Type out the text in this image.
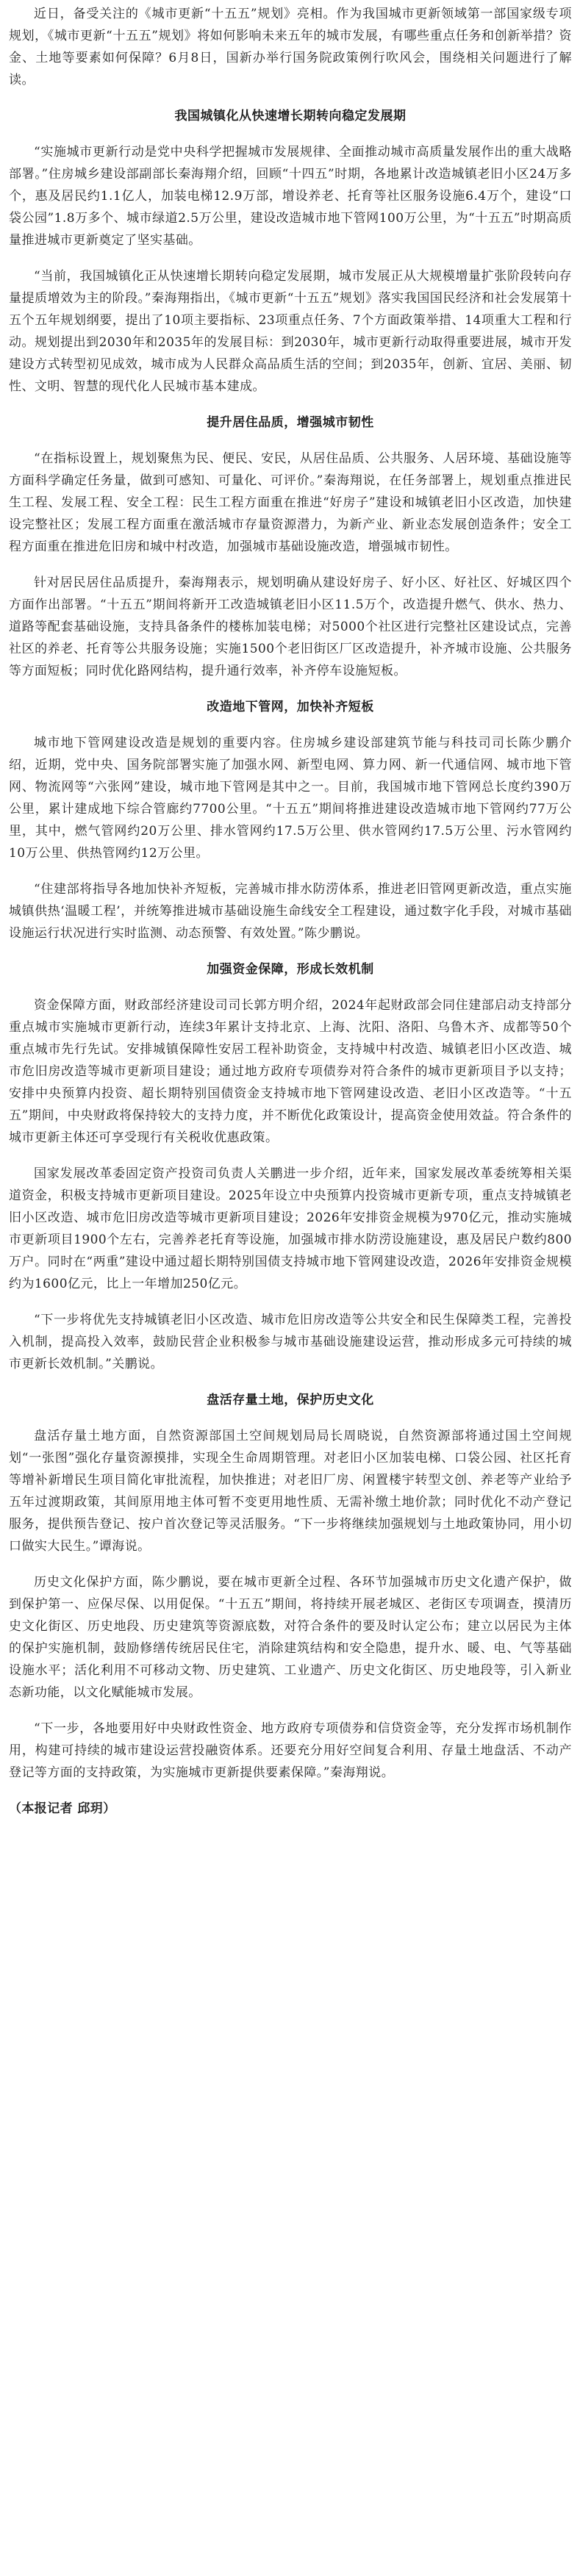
近日，备受关注的《城市更新“十五五”规划》亮相。作为我国城市更新领域第一部国家级专项规划，《城市更新“十五五”规划》将如何影响未来五年的城市发展，有哪些重点任务和创新举措？资金、土地等要素如何保障？6月8日，国新办举行国务院政策例行吹风会，围绕相关问题进行了解读。

我国城镇化从快速增长期转向稳定发展期

“实施城市更新行动是党中央科学把握城市发展规律、全面推动城市高质量发展作出的重大战略部署。”住房城乡建设部副部长秦海翔介绍，回顾“十四五”时期，各地累计改造城镇老旧小区24万多个，惠及居民约1.1亿人，加装电梯12.9万部，增设养老、托育等社区服务设施6.4万个，建设“口袋公园”1.8万多个、城市绿道2.5万公里，建设改造城市地下管网100万公里，为“十五五”时期高质量推进城市更新奠定了坚实基础。

“当前，我国城镇化正从快速增长期转向稳定发展期，城市发展正从大规模增量扩张阶段转向存量提质增效为主的阶段。”秦海翔指出，《城市更新“十五五”规划》落实我国国民经济和社会发展第十五个五年规划纲要，提出了10项主要指标、23项重点任务、7个方面政策举措、14项重大工程和行动。规划提出到2030年和2035年的发展目标：到2030年，城市更新行动取得重要进展，城市开发建设方式转型初见成效，城市成为人民群众高品质生活的空间；到2035年，创新、宜居、美丽、韧性、文明、智慧的现代化人民城市基本建成。

提升居住品质，增强城市韧性

“在指标设置上，规划聚焦为民、便民、安民，从居住品质、公共服务、人居环境、基础设施等方面科学确定任务量，做到可感知、可量化、可评价。”秦海翔说，在任务部署上，规划重点推进民生工程、发展工程、安全工程：民生工程方面重在推进“好房子”建设和城镇老旧小区改造，加快建设完整社区；发展工程方面重在激活城市存量资源潜力，为新产业、新业态发展创造条件；安全工程方面重在推进危旧房和城中村改造，加强城市基础设施改造，增强城市韧性。

针对居民居住品质提升，秦海翔表示，规划明确从建设好房子、好小区、好社区、好城区四个方面作出部署。“十五五”期间将新开工改造城镇老旧小区11.5万个，改造提升燃气、供水、热力、道路等配套基础设施，支持具备条件的楼栋加装电梯；对5000个社区进行完整社区建设试点，完善社区的养老、托育等公共服务设施；实施1500个老旧街区厂区改造提升，补齐城市设施、公共服务等方面短板；同时优化路网结构，提升通行效率，补齐停车设施短板。

改造地下管网，加快补齐短板

城市地下管网建设改造是规划的重要内容。住房城乡建设部建筑节能与科技司司长陈少鹏介绍，近期，党中央、国务院部署实施了加强水网、新型电网、算力网、新一代通信网、城市地下管网、物流网等“六张网”建设，城市地下管网是其中之一。目前，我国城市地下管网总长度约390万公里，累计建成地下综合管廊约7700公里。“十五五”期间将推进建设改造城市地下管网约77万公里，其中，燃气管网约20万公里、排水管网约17.5万公里、供水管网约17.5万公里、污水管网约10万公里、供热管网约12万公里。

“住建部将指导各地加快补齐短板，完善城市排水防涝体系，推进老旧管网更新改造，重点实施城镇供热‘温暖工程’，并统筹推进城市基础设施生命线安全工程建设，通过数字化手段，对城市基础设施运行状况进行实时监测、动态预警、有效处置。”陈少鹏说。

加强资金保障，形成长效机制

资金保障方面，财政部经济建设司司长郭方明介绍，2024年起财政部会同住建部启动支持部分重点城市实施城市更新行动，连续3年累计支持北京、上海、沈阳、洛阳、乌鲁木齐、成都等50个重点城市先行先试。安排城镇保障性安居工程补助资金，支持城中村改造、城镇老旧小区改造、城市危旧房改造等城市更新项目建设；通过地方政府专项债券对符合条件的城市更新项目予以支持；安排中央预算内投资、超长期特别国债资金支持城市地下管网建设改造、老旧小区改造等。“十五五”期间，中央财政将保持较大的支持力度，并不断优化政策设计，提高资金使用效益。符合条件的城市更新主体还可享受现行有关税收优惠政策。

国家发展改革委固定资产投资司负责人关鹏进一步介绍，近年来，国家发展改革委统筹相关渠道资金，积极支持城市更新项目建设。2025年设立中央预算内投资城市更新专项，重点支持城镇老旧小区改造、城市危旧房改造等城市更新项目建设；2026年安排资金规模为970亿元，推动实施城市更新项目1900个左右，完善养老托育等设施，加强城市排水防涝设施建设，惠及居民户数约800万户。同时在“两重”建设中通过超长期特别国债支持城市地下管网建设改造，2026年安排资金规模约为1600亿元，比上一年增加250亿元。

“下一步将优先支持城镇老旧小区改造、城市危旧房改造等公共安全和民生保障类工程，完善投入机制，提高投入效率，鼓励民营企业积极参与城市基础设施建设运营，推动形成多元可持续的城市更新长效机制。”关鹏说。

盘活存量土地，保护历史文化

盘活存量土地方面，自然资源部国土空间规划局局长周晓说，自然资源部将通过国土空间规划“一张图”强化存量资源摸排，实现全生命周期管理。对老旧小区加装电梯、口袋公园、社区托育等增补新增民生项目简化审批流程，加快推进；对老旧厂房、闲置楼宇转型文创、养老等产业给予五年过渡期政策，其间原用地主体可暂不变更用地性质、无需补缴土地价款；同时优化不动产登记服务，提供预告登记、按户首次登记等灵活服务。“下一步将继续加强规划与土地政策协同，用小切口做实大民生。”谭海说。

历史文化保护方面，陈少鹏说，要在城市更新全过程、各环节加强城市历史文化遗产保护，做到保护第一、应保尽保、以用促保。“十五五”期间，将持续开展老城区、老街区专项调查，摸清历史文化街区、历史地段、历史建筑等资源底数，对符合条件的要及时认定公布；建立以居民为主体的保护实施机制，鼓励修缮传统居民住宅，消除建筑结构和安全隐患，提升水、暖、电、气等基础设施水平；活化利用不可移动文物、历史建筑、工业遗产、历史文化街区、历史地段等，引入新业态新功能，以文化赋能城市发展。

“下一步，各地要用好中央财政性资金、地方政府专项债券和信贷资金等，充分发挥市场机制作用，构建可持续的城市建设运营投融资体系。还要充分用好空间复合利用、存量土地盘活、不动产登记等方面的支持政策，为实施城市更新提供要素保障。”秦海翔说。

（本报记者 邱玥）
